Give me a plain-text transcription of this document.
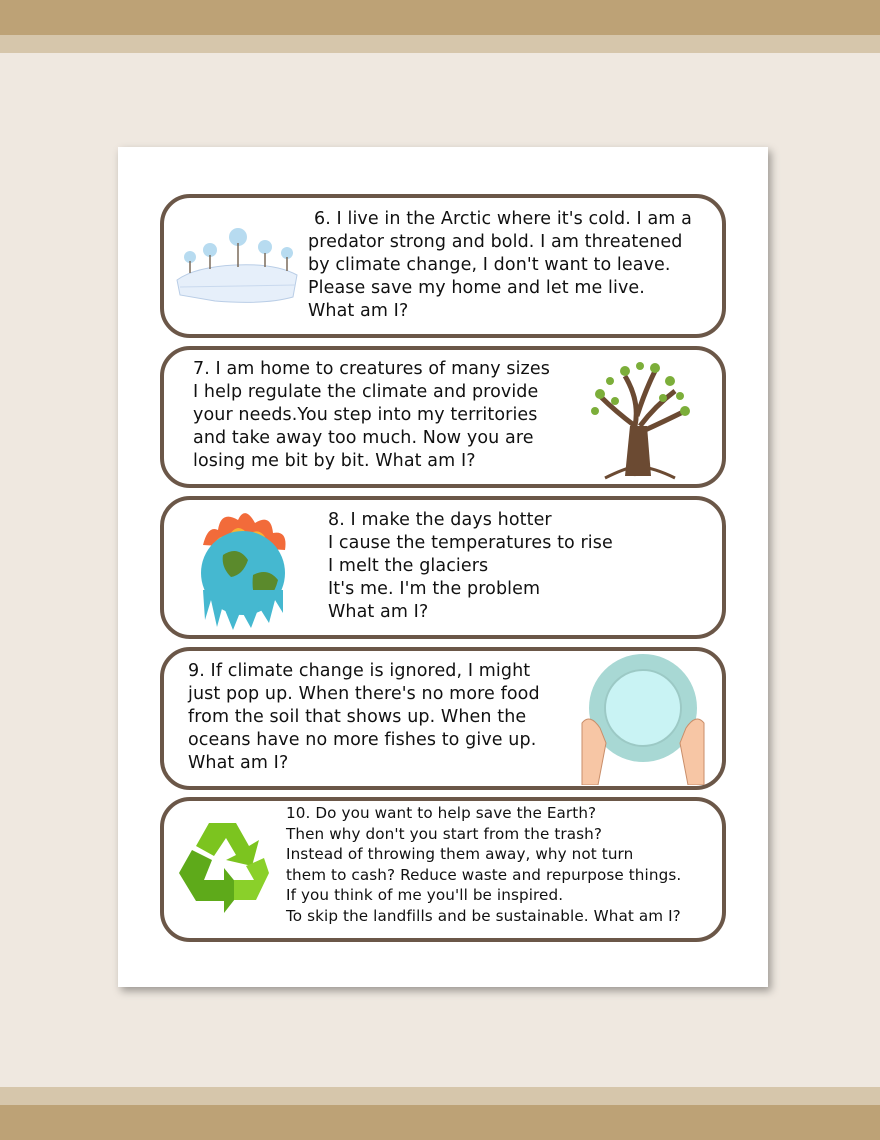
6. I live in the Arctic where it's cold. I am a
predator strong and bold. I am threatened
by climate change, I don't want to leave.
Please save my home and let me live.
What am I?
7. I am home to creatures of many sizes
I help regulate the climate and provide
your needs.You step into my territories
and take away too much. Now you are
losing me bit by bit. What am I?
8. I make the days hotter
I cause the temperatures to rise
I melt the glaciers
It's me. I'm the problem
What am I?
9. If climate change is ignored, I might
just pop up. When there's no more food
from the soil that shows up. When the
oceans have no more fishes to give up.
What am I?
10. Do you want to help save the Earth?
Then why don't you start from the trash?
Instead of throwing them away, why not turn
them to cash? Reduce waste and repurpose things.
If you think of me you'll be inspired.
To skip the landfills and be sustainable. What am I?
